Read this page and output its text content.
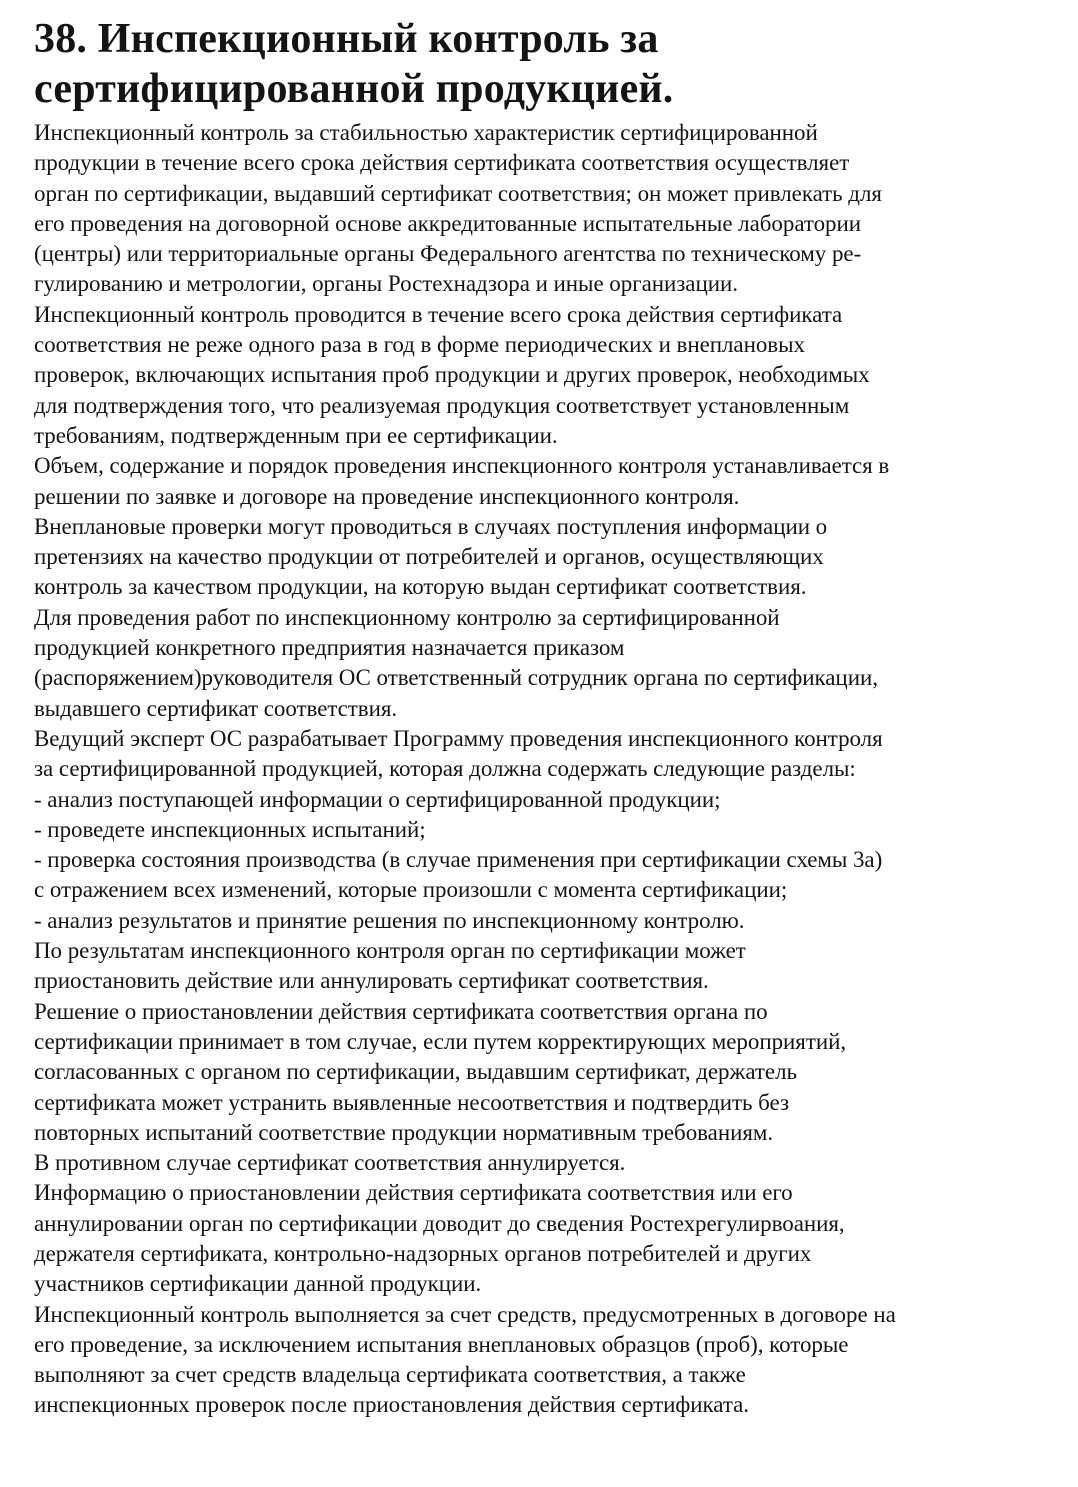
38. Инспекционный контроль за
сертифицированной продукцией.
Инспекционный контроль за стабильностью характеристик сертифицированной
продукции в течение всего срока действия сертификата соответствия осуществляет
орган по сертификации, выдавший сертификат соответствия; он может привлекать для
его проведения на договорной основе аккредитованные испытательные лаборатории
(центры) или территориальные органы Федерального агентства по техническому ре-
гулированию и метрологии, органы Ростехнадзора и иные организации.
Инспекционный контроль проводится в течение всего срока действия сертификата
соответствия не реже одного раза в год в форме периодических и внеплановых
проверок, включающих испытания проб продукции и других проверок, необходимых
для подтверждения того, что реализуемая продукция соответствует установленным
требованиям, подтвержденным при ее сертификации.
Объем, содержание и порядок проведения инспекционного контроля устанавливается в
решении по заявке и договоре на проведение инспекционного контроля.
Внеплановые проверки могут проводиться в случаях поступления информации о
претензиях на качество продукции от потребителей и органов, осуществляющих
контроль за качеством продукции, на которую выдан сертификат соответствия.
Для проведения работ по инспекционному контролю за сертифицированной
продукцией конкретного предприятия назначается приказом
(распоряжением)руководителя ОС ответственный сотрудник органа по сертификации,
выдавшего сертификат соответствия.
Ведущий эксперт ОС разрабатывает Программу проведения инспекционного контроля
за сертифицированной продукцией, которая должна содержать следующие разделы:
- анализ поступающей информации о сертифицированной продукции;
- проведете инспекционных испытаний;
- проверка состояния производства (в случае применения при сертификации схемы 3а)
с отражением всех изменений, которые произошли с момента сертификации;
- анализ результатов и принятие решения по инспекционному контролю.
По результатам инспекционного контроля орган по сертификации может
приостановить действие или аннулировать сертификат соответствия.
Решение о приостановлении действия сертификата соответствия органа по
сертификации принимает в том случае, если путем корректирующих мероприятий,
согласованных с органом по сертификации, выдавшим сертификат, держатель
сертификата может устранить выявленные несоответствия и подтвердить без
повторных испытаний соответствие продукции нормативным требованиям.
В противном случае сертификат соответствия аннулируется.
Информацию о приостановлении действия сертификата соответствия или его
аннулировании орган по сертификации доводит до сведения Ростехрегулирвоания,
держателя сертификата, контрольно-надзорных органов потребителей и других
участников сертификации данной продукции.
Инспекционный контроль выполняется за счет средств, предусмотренных в договоре на
его проведение, за исключением испытания внеплановых образцов (проб), которые
выполняют за счет средств владельца сертификата соответствия, а также
инспекционных проверок после приостановления действия сертификата.
